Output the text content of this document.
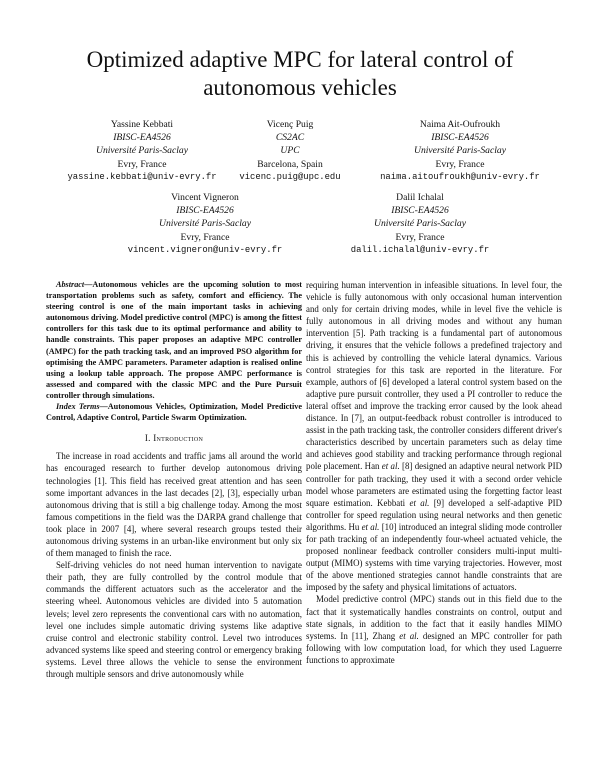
Optimized adaptive MPC for lateral control of
autonomous vehicles
Yassine Kebbati
IBISC-EA4526
Université Paris-Saclay
Evry, France
yassine.kebbati@univ-evry.fr
Vicenç Puig
CS2AC
UPC
Barcelona, Spain
vicenc.puig@upc.edu
Naima Ait-Oufroukh
IBISC-EA4526
Université Paris-Saclay
Evry, France
naima.aitoufroukh@univ-evry.fr
Vincent Vigneron
IBISC-EA4526
Université Paris-Saclay
Evry, France
vincent.vigneron@univ-evry.fr
Dalil Ichalal
IBISC-EA4526
Université Paris-Saclay
Evry, France
dalil.ichalal@univ-evry.fr

Abstract—Autonomous vehicles are the upcoming solution to most transportation problems such as safety, comfort and efficiency. The steering control is one of the main important tasks in achieving autonomous driving. Model predictive control (MPC) is among the fittest controllers for this task due to its optimal performance and ability to handle constraints. This paper proposes an adaptive MPC controller (AMPC) for the path tracking task, and an improved PSO algorithm for optimising the AMPC parameters. Parameter adaption is realised online using a lookup table approach. The propose AMPC performance is assessed and compared with the classic MPC and the Pure Pursuit controller through simulations.

Index Terms—Autonomous Vehicles, Optimization, Model Predictive Control, Adaptive Control, Particle Swarm Optimization.

I. Introduction

The increase in road accidents and traffic jams all around the world has encouraged research to further develop autonomous driving technologies [1]. This field has received great attention and has seen some important advances in the last decades [2], [3], especially urban autonomous driving that is still a big challenge today. Among the most famous competitions in the field was the DARPA grand challenge that took place in 2007 [4], where several research groups tested their autonomous driving systems in an urban-like environment but only six of them managed to finish the race.

Self-driving vehicles do not need human intervention to navigate their path, they are fully controlled by the control module that commands the different actuators such as the accelerator and the steering wheel. Autonomous vehicles are divided into 5 automation levels; level zero represents the conventional cars with no automation, level one includes simple automatic driving systems like adaptive cruise control and electronic stability control. Level two introduces advanced systems like speed and steering control or emergency braking systems. Level three allows the vehicle to sense the environment through multiple sensors and drive autonomously while

requiring human intervention in infeasible situations. In level four, the vehicle is fully autonomous with only occasional human intervention and only for certain driving modes, while in level five the vehicle is fully autonomous in all driving modes and without any human intervention [5]. Path tracking is a fundamental part of autonomous driving, it ensures that the vehicle follows a predefined trajectory and this is achieved by controlling the vehicle lateral dynamics. Various control strategies for this task are reported in the literature. For example, authors of [6] developed a lateral control system based on the adaptive pure pursuit controller, they used a PI controller to reduce the lateral offset and improve the tracking error caused by the look ahead distance. In [7], an output-feedback robust controller is introduced to assist in the path tracking task, the controller considers different driver's characteristics described by uncertain parameters such as delay time and achieves good stability and tracking performance through regional pole placement. Han et al. [8] designed an adaptive neural network PID controller for path tracking, they used it with a second order vehicle model whose parameters are estimated using the forgetting factor least square estimation. Kebbati et al. [9] developed a self-adaptive PID controller for speed regulation using neural networks and then genetic algorithms. Hu et al. [10] introduced an integral sliding mode controller for path tracking of an independently four-wheel actuated vehicle, the proposed nonlinear feedback controller considers multi-input multi-output (MIMO) systems with time varying trajectories. However, most of the above mentioned strategies cannot handle constraints that are imposed by the safety and physical limitations of actuators.

Model predictive control (MPC) stands out in this field due to the fact that it systematically handles constraints on control, output and state signals, in addition to the fact that it easily handles MIMO systems. In [11], Zhang et al. designed an MPC controller for path following with low computation load, for which they used Laguerre functions to approximate
